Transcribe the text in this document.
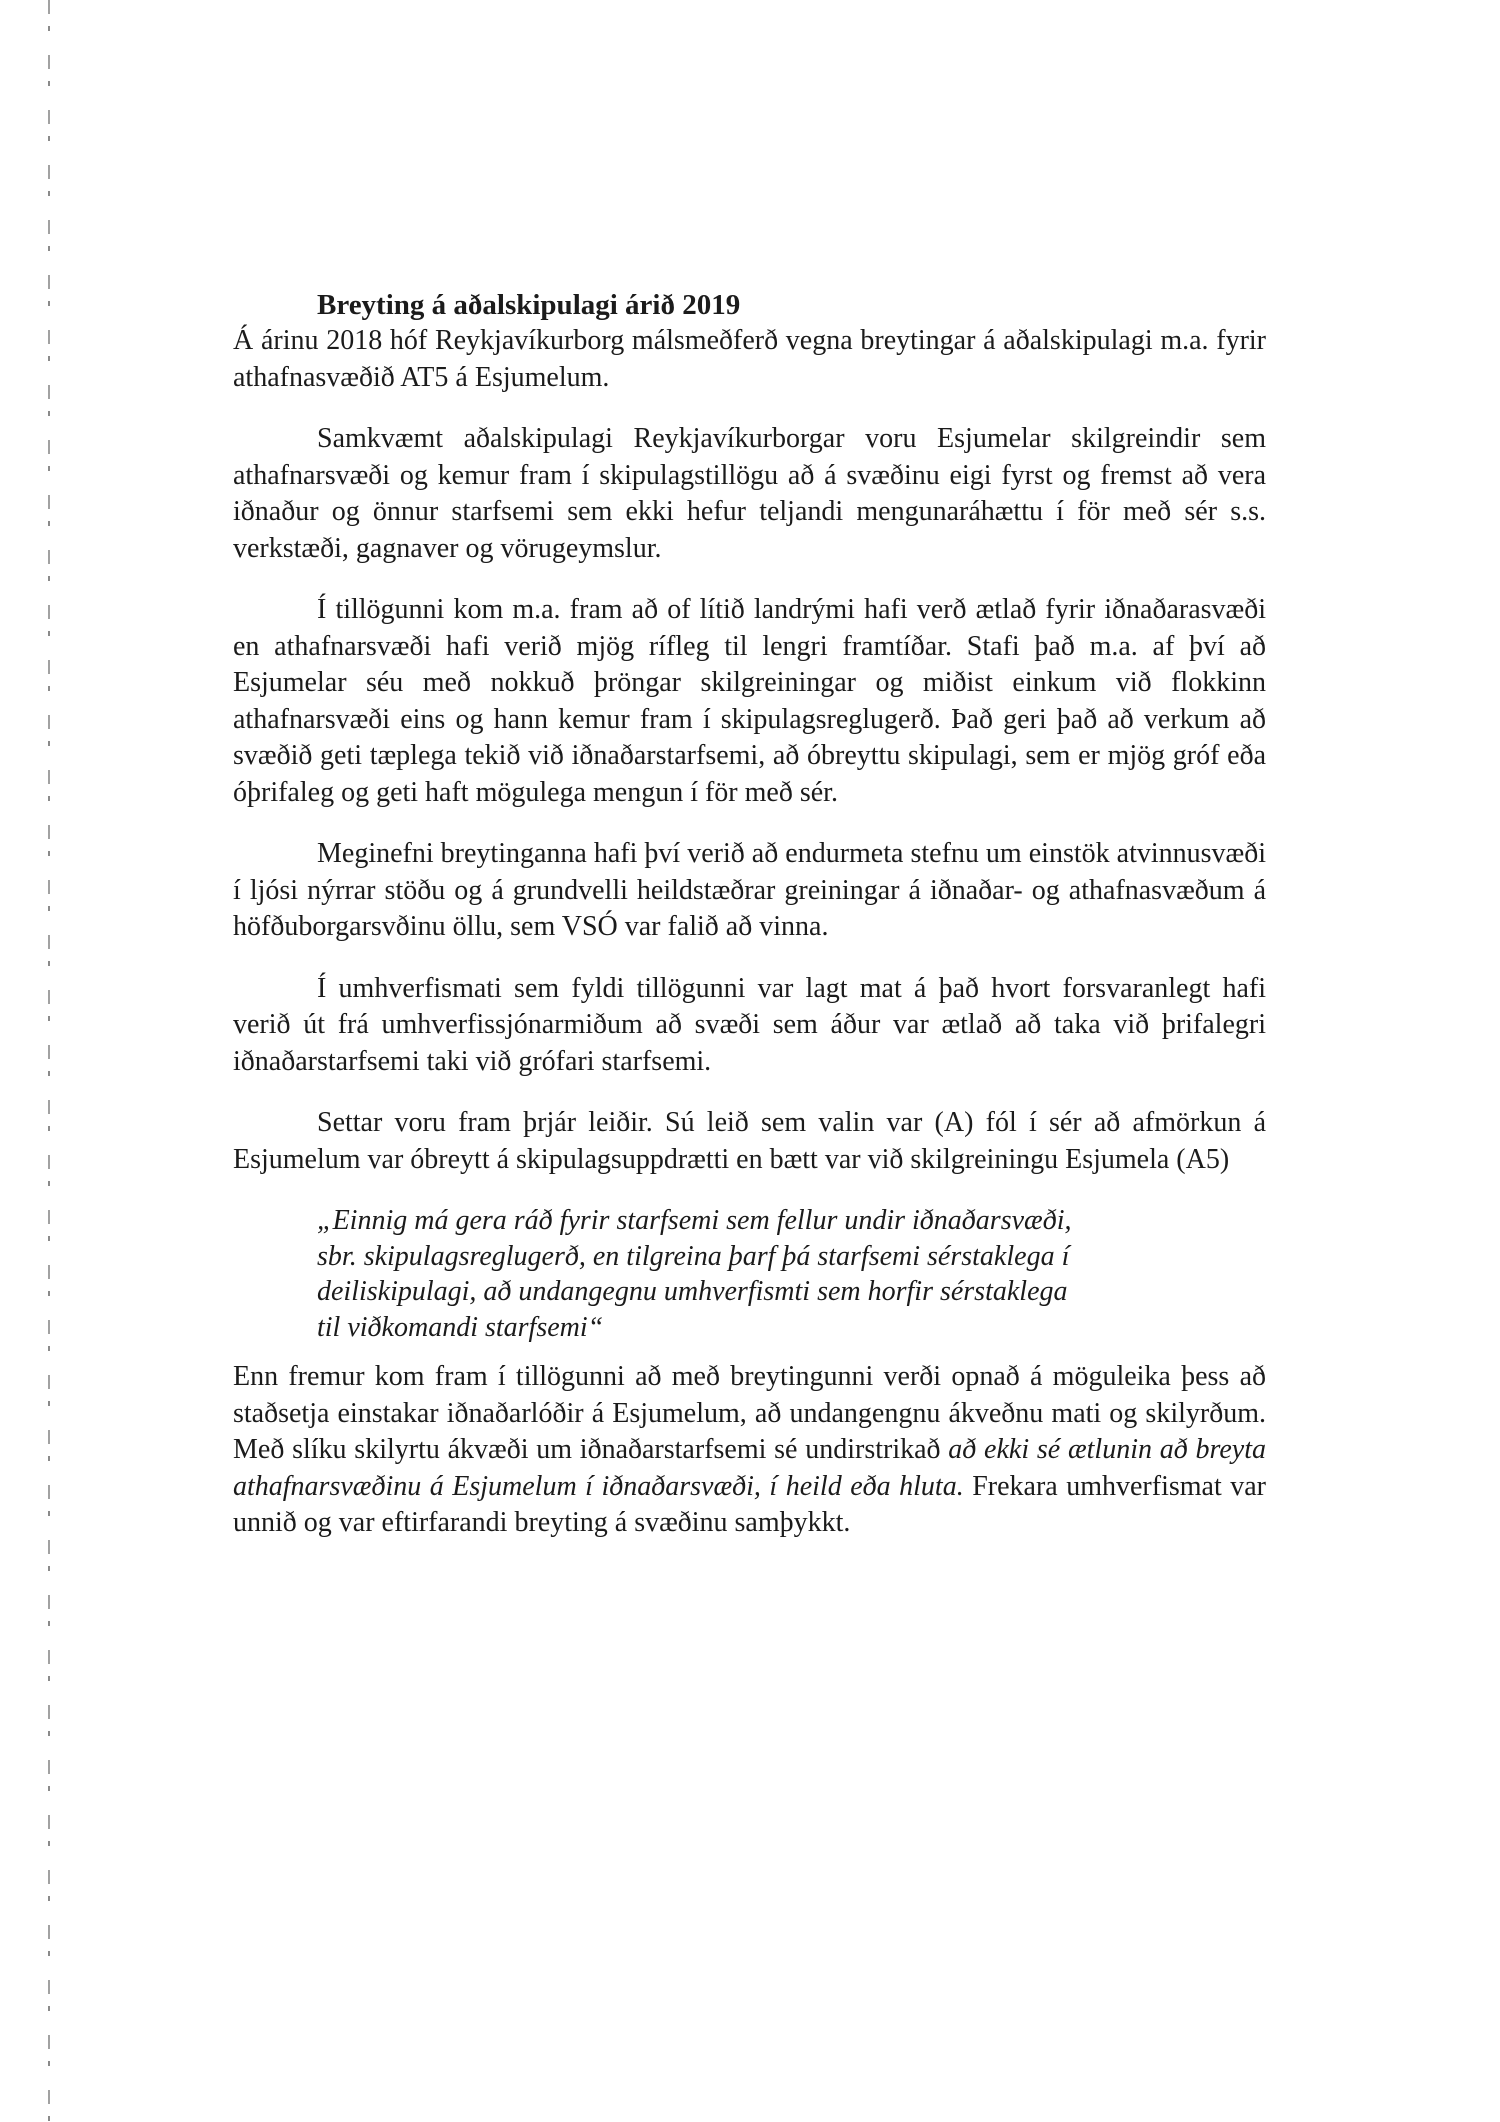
Breyting á aðalskipulagi árið 2019

Á árinu 2018 hóf Reykjavíkurborg málsmeðferð vegna breytingar á aðalskipulagi m.a. fyrir athafnasvæðið AT5 á Esjumelum.

Samkvæmt aðalskipulagi Reykjavíkurborgar voru Esjumelar skilgreindir sem athafnarsvæði og kemur fram í skipulagstillögu að á svæðinu eigi fyrst og fremst að vera iðnaður og önnur starfsemi sem ekki hefur teljandi mengunaráhættu í för með sér s.s. verkstæði, gagnaver og vörugeymslur.

Í tillögunni kom m.a. fram að of lítið landrými hafi verð ætlað fyrir iðnaðarasvæði en athafnarsvæði hafi verið mjög rífleg til lengri framtíðar. Stafi það m.a. af því að Esjumelar séu með nokkuð þröngar skilgreiningar og miðist einkum við flokkinn athafnarsvæði eins og hann kemur fram í skipulagsreglugerð. Það geri það að verkum að svæðið geti tæplega tekið við iðnaðarstarfsemi, að óbreyttu skipulagi, sem er mjög gróf eða óþrifaleg og geti haft mögulega mengun í för með sér.

Meginefni breytinganna hafi því verið að endurmeta stefnu um einstök atvinnusvæði í ljósi nýrrar stöðu og á grundvelli heildstæðrar greiningar á iðnaðar- og athafnasvæðum á höfðuborgarsvðinu öllu, sem VSÓ var falið að vinna.

Í umhverfismati sem fyldi tillögunni var lagt mat á það hvort forsvaranlegt hafi verið út frá umhverfissjónarmiðum að svæði sem áður var ætlað að taka við þrifalegri iðnaðarstarfsemi taki við grófari starfsemi.

Settar voru fram þrjár leiðir. Sú leið sem valin var (A) fól í sér að afmörkun á Esjumelum var óbreytt á skipulagsuppdrætti en bætt var við skilgreiningu Esjumela (A5)

„Einnig má gera ráð fyrir starfsemi sem fellur undir iðnaðarsvæði,
sbr. skipulagsreglugerð, en tilgreina þarf þá starfsemi sérstaklega í
deiliskipulagi, að undangegnu umhverfismti sem horfir sérstaklega
til viðkomandi starfsemi“

Enn fremur kom fram í tillögunni að með breytingunni verði opnað á möguleika þess að staðsetja einstakar iðnaðarlóðir á Esjumelum, að undangengnu ákveðnu mati og skilyrðum. Með slíku skilyrtu ákvæði um iðnaðarstarfsemi sé undirstrikað að ekki sé ætlunin að breyta athafnarsvæðinu á Esjumelum í iðnaðarsvæði, í heild eða hluta. Frekara umhverfismat var unnið og var eftirfarandi breyting á svæðinu samþykkt.
